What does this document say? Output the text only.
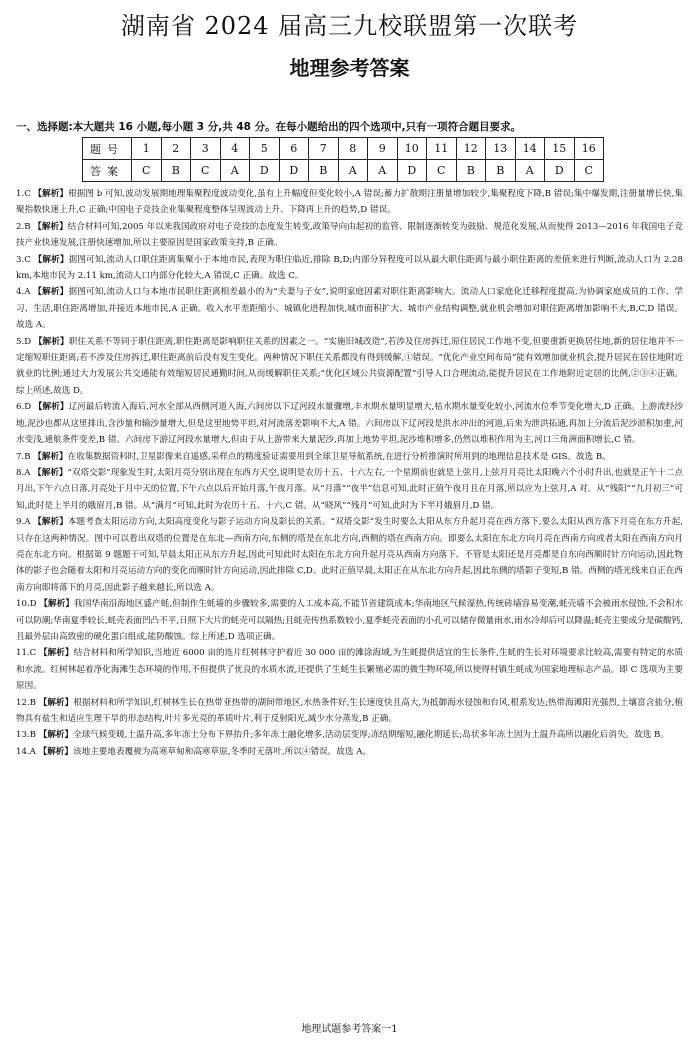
湖南省 2024 届高三九校联盟第一次联考
地理参考答案
一、选择题:本大题共 16 小题,每小题 3 分,共 48 分。在每小题给出的四个选项中,只有一项符合题目要求。
题号	1	2	3	4	5	6	7	8	9	10	11	12	13	14	15	16
答案	C	B	C	A	D	D	B	A	A	D	C	B	B	A	D	C

1.C 【解析】根据图 b 可知,波动发展期地理集聚程度波动变化,虽有上升幅度但变化较小,A 错误;蓄力扩散期注册量增加较少,集聚程度下降,B 错误;集中爆发期,注册量增长快,集聚指数快速上升,C 正确;中国电子竞技企业集聚程度整体呈现波动上升、下降再上升的趋势,D 错误。

2.B 【解析】结合材料可知,2005 年以来我国政府对电子竞技的态度发生转变,政策导向由起初的监管、限制逐渐转变为鼓励、规范化发展,从而使得 2013—2016 年我国电子竞技产业快速发展,注册快速增加,所以主要原因是国家政策支持,B 正确。

3.C 【解析】据图可知,流动人口职住距离集聚小于本地市民,表现为职住临近,排除 B,D;内部分异程度可以从最大职住距离与最小职住距离的差值来进行判断,流动人口为 2.28 km,本地市民为 2.11 km,流动人口内部分化较大,A 错误,C 正确。故选 C。

4.A 【解析】据图可知,流动人口与本地市民职住距离相差最小的为“夫妻与子女”,说明家庭因素对职住距离影响大。流动人口家庭化迁移程度提高,为协调家庭成员的工作、学习、生活,职住距离增加,并接近本地市民,A 正确。收入水平差距缩小、城镇化进程加快,城市面积扩大、城市产业结构调整,就业机会增加对职住距离增加影响不大,B,C,D 错误。故选 A。

5.D 【解析】职住关系不等同于职住距离,职住距离是影响职住关系的因素之一。“实施旧城改造”,若涉及住房拆迁,原住居民工作地不变,但要重新更换居住地,新的居住地并不一定缩短职住距离;若不涉及住房拆迁,职住距离前后没有发生变化。两种情况下职住关系都没有得到缓解,①错误。“优化产业空间布局”能有效增加就业机会,提升居民在居住地附近就业的比例;通过大力发展公共交通能有效缩短居民通勤时间,从而缓解职住关系;“优化区域公共资源配置”引导人口合理流动,能提升居民在工作地附近定居的比例,②③④正确。综上所述,故选 D。

6.D 【解析】辽河最后转流入海后,河水全部从西侧河道入海,六间房以下辽河段水量骤增,丰水期水量明显增大,枯水期水量变化较小,河流水位季节变化增大,D 正确。上游流经沙地,泥沙也都从这里排出,含沙量和输沙量增大,但是这里地势平坦,对河流落差影响不大,A 错。六间房以下辽河段是洪水冲出的河道,后来为泄洪拓通,再加上分流后泥沙淤积加重,河水变浅,通航条件变差,B 错。六间房下游辽河段水量增大,但由于从上游带来大量泥沙,再加上地势平坦,泥沙堆积增多,仍然以堆积作用为主,河口三角洲面积增长,C 错。

7.B 【解析】在收集数据资料时,卫星影像来自遥感,采样点的精度验证需要用到全球卫星导航系统,在进行分析推演时所用到的地理信息技术是 GIS。故选 B。

8.A 【解析】“双塔交影”现象发生时,太阳月亮分别出现在东西方天空,说明是农历十五、十六左右,一个星期前也就是上弦月,上弦月月亮比太阳晚六个小时升出,也就是正午十二点月出,下午六点日落,月亮处于月中天的位置,下午六点以后开始月落,午夜月落。从“月落”“夜半”信息可知,此时正值午夜月且在月落,所以应为上弦月,A 对。从“残阳”“九月初三”可知,此时是上半月的娥眉月,B 错。从“满月”可知,此时为农历十五、十六,C 错。从“晓风”“残月”可知,此时为下半月娥眉月,D 错。

9.A 【解析】本题考查太阳运动方向,太阳高度变化与影子运动方向及影长的关系。“双塔交影”发生时要么太阳从东方升起月亮在西方落下,要么太阳从西方落下月亮在东方升起,只存在这两种情况。图中可以看出双塔的位置是在东北—西南方向,东侧的塔是在东北方向,西侧的塔在西南方向。即要么太阳在东北方向月亮在西南方向或者太阳在西南方向月亮在东北方向。根据第 9 题题干可知,早晨太阳正从东方升起,因此可知此时太阳在东北方向升起月亮从西南方向落下。不管是太阳还是月亮都是自东向西顺时针方向运动,因此物体的影子也会随着太阳和月亮运动方向的变化而顺时针方向运动,因此排除 C,D。此时正值早晨,太阳正在从东北方向升起,因此东侧的塔影子变短,B 错。西侧的塔光线来自正在西南方向即将落下的月亮,因此影子越来越长,所以选 A。

10.D 【解析】我国华南沿海地区盛产蚝,但制作生蚝墙的步骤较多,需要的人工成本高,不能节省建筑成本;华南地区气候湿热,传统砖墙容易变潮,蚝壳墙不会被雨水侵蚀,不会积水可以防潮;华南夏季较长,蚝壳表面凹凸不平,日照下大片的蚝壳可以隔热;且蚝壳传热系数较小,夏季蚝壳表面的小孔可以储存微量雨水,雨水冷却后可以降温;蚝壳主要成分是碳酸钙,且最外层由高致密的硬化蛋白组成,能防酸蚀。综上所述,D 选项正确。

11.C 【解析】结合材料和所学知识,当地近 6000 亩的连片红树林守护着近 30 000 亩的滩涂海域,为生蚝提供适宜的生长条件,生蚝的生长对环境要求比较高,需要有特定的水质和水流。红树林起着净化海滩生态环境的作用,不但提供了优良的水质水流,还提供了生蚝生长繁殖必需的微生物环境,所以使得村镇生蚝成为国家地理标志产品。即 C 选项为主要原因。

12.B 【解析】根据材料和所学知识,红树林生长在热带亚热带的湖间带地区,水热条件好,生长速度快且高大,为抵御海水侵蚀和台风,根系发达;热带海滩阳光强烈,土壤富含盐分,植物具有盐生和适应生理干旱的形态结构,叶片多光亮的革质叶片,利于反射阳光,减少水分蒸发,B 正确。

13.B 【解析】全球气候变暖,土温升高,多年冻土分布下界抬升;多年冻土融化增多,活动层变厚;冻结期缩短,融化期延长;岛状多年冻土因为土温升高所以融化后消失。故选 B。

14.A 【解析】该地主要地表覆被为高寒草甸和高寒草原,冬季时无落叶,所以④错误。故选 A。

地理试题参考答案一1
